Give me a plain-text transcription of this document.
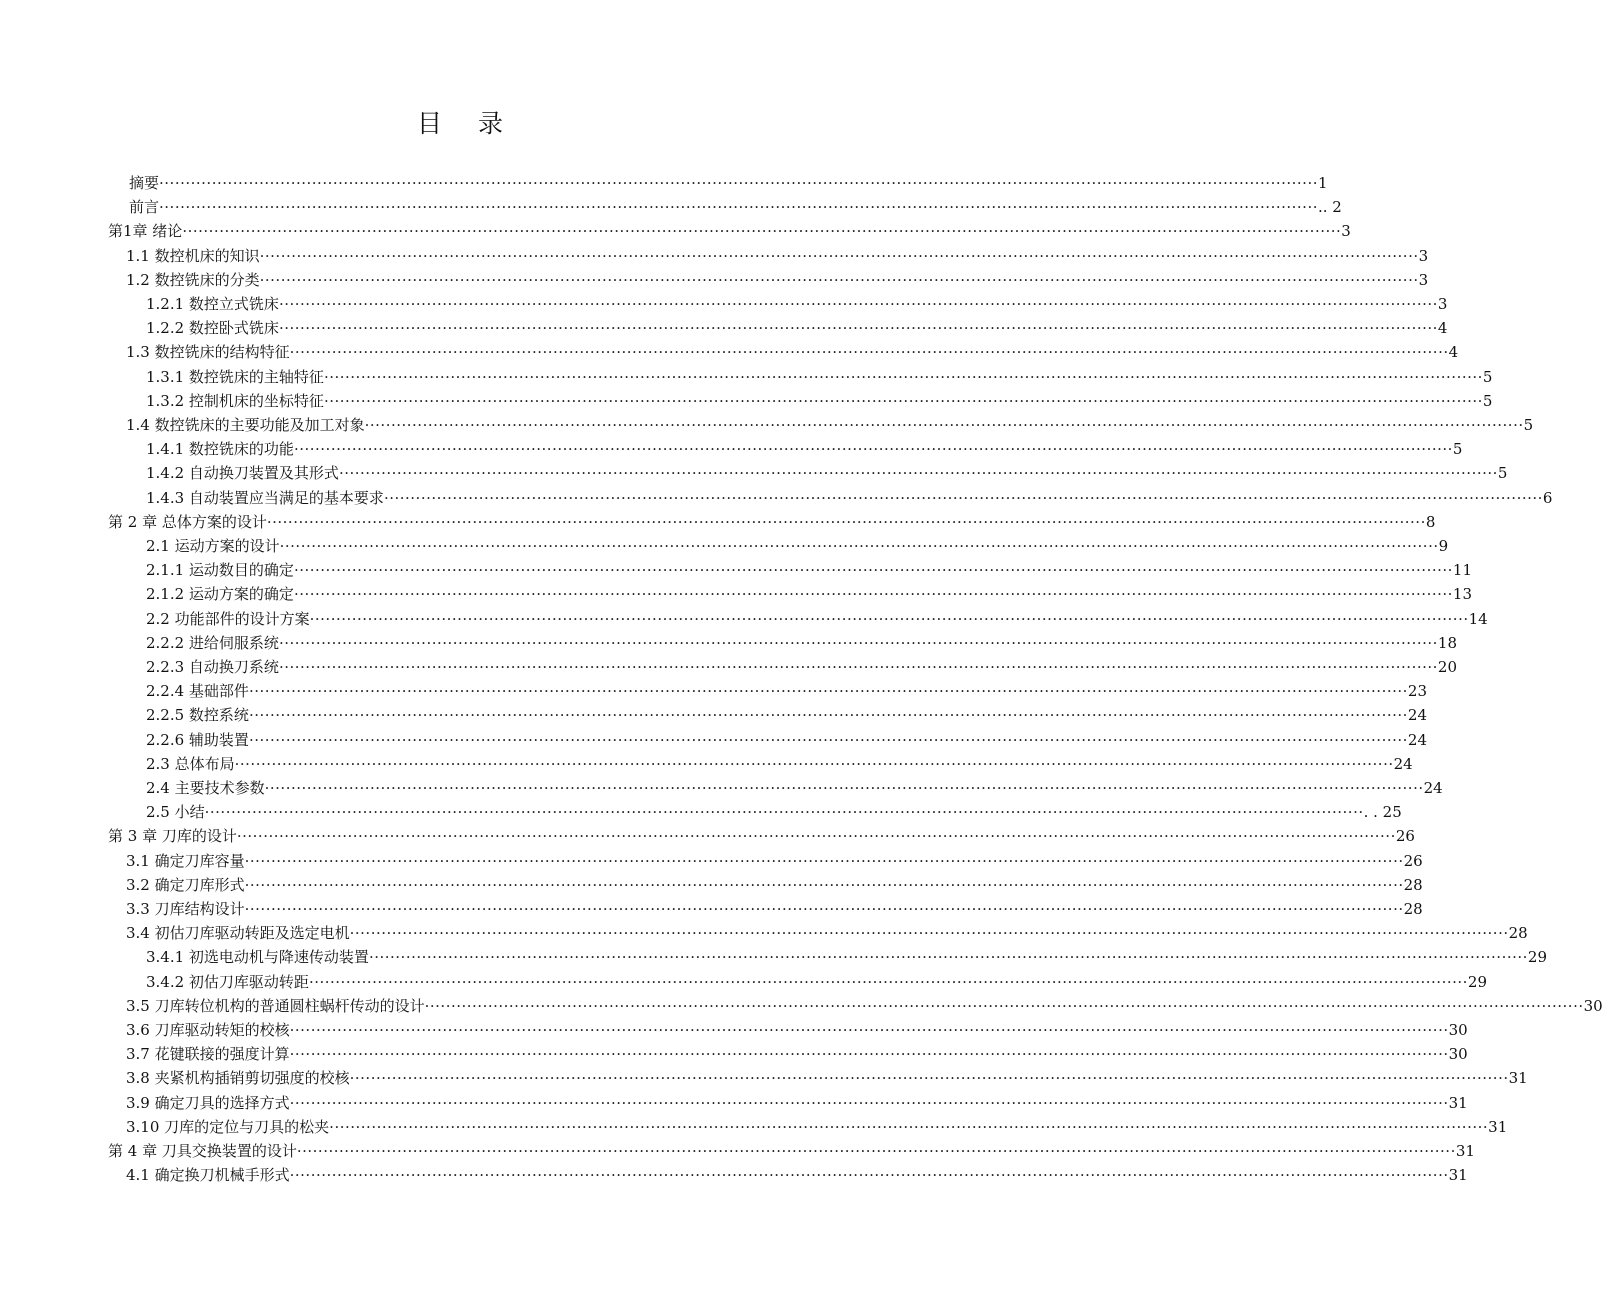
目 录
摘要 ···························································································································································································································· 1
前言 ···························································································································································································································· .. 2
第1章 绪论 ···························································································································································································································· 3
1.1 数控机床的知识 ···························································································································································································································· 3
1.2 数控铣床的分类 ···························································································································································································································· 3
1.2.1 数控立式铣床 ···························································································································································································································· 3
1.2.2 数控卧式铣床 ···························································································································································································································· 4
1.3 数控铣床的结构特征 ···························································································································································································································· 4
1.3.1 数控铣床的主轴特征 ···························································································································································································································· 5
1.3.2 控制机床的坐标特征 ···························································································································································································································· 5
1.4 数控铣床的主要功能及加工对象 ···························································································································································································································· 5
1.4.1 数控铣床的功能 ···························································································································································································································· 5
1.4.2 自动换刀装置及其形式 ···························································································································································································································· 5
1.4.3 自动装置应当满足的基本要求 ···························································································································································································································· 6
第 2 章 总体方案的设计 ···························································································································································································································· 8
2.1 运动方案的设计 ···························································································································································································································· 9
2.1.1 运动数目的确定 ···························································································································································································································· 11
2.1.2 运动方案的确定 ···························································································································································································································· 13
2.2 功能部件的设计方案 ···························································································································································································································· 14
2.2.2 进给伺服系统 ···························································································································································································································· 18
2.2.3 自动换刀系统 ···························································································································································································································· 20
2.2.4 基础部件 ···························································································································································································································· 23
2.2.5 数控系统 ···························································································································································································································· 24
2.2.6 辅助装置 ···························································································································································································································· 24
2.3 总体布局 ···························································································································································································································· 24
2.4 主要技术参数 ···························································································································································································································· 24
2.5 小结 ···························································································································································································································· . . 25
第 3 章 刀库的设计 ···························································································································································································································· 26
3.1 确定刀库容量 ···························································································································································································································· 26
3.2 确定刀库形式 ···························································································································································································································· 28
3.3 刀库结构设计 ···························································································································································································································· 28
3.4 初估刀库驱动转距及选定电机 ···························································································································································································································· 28
3.4.1 初选电动机与降速传动装置 ···························································································································································································································· 29
3.4.2 初估刀库驱动转距 ···························································································································································································································· 29
3.5 刀库转位机构的普通圆柱蜗杆传动的设计 ···························································································································································································································· 30
3.6 刀库驱动转矩的校核 ···························································································································································································································· 30
3.7 花键联接的强度计算 ···························································································································································································································· 30
3.8 夹紧机构插销剪切强度的校核 ···························································································································································································································· 31
3.9 确定刀具的选择方式 ···························································································································································································································· 31
3.10 刀库的定位与刀具的松夹 ···························································································································································································································· 31
第 4 章 刀具交换装置的设计 ···························································································································································································································· 31
4.1 确定换刀机械手形式 ···························································································································································································································· 31
